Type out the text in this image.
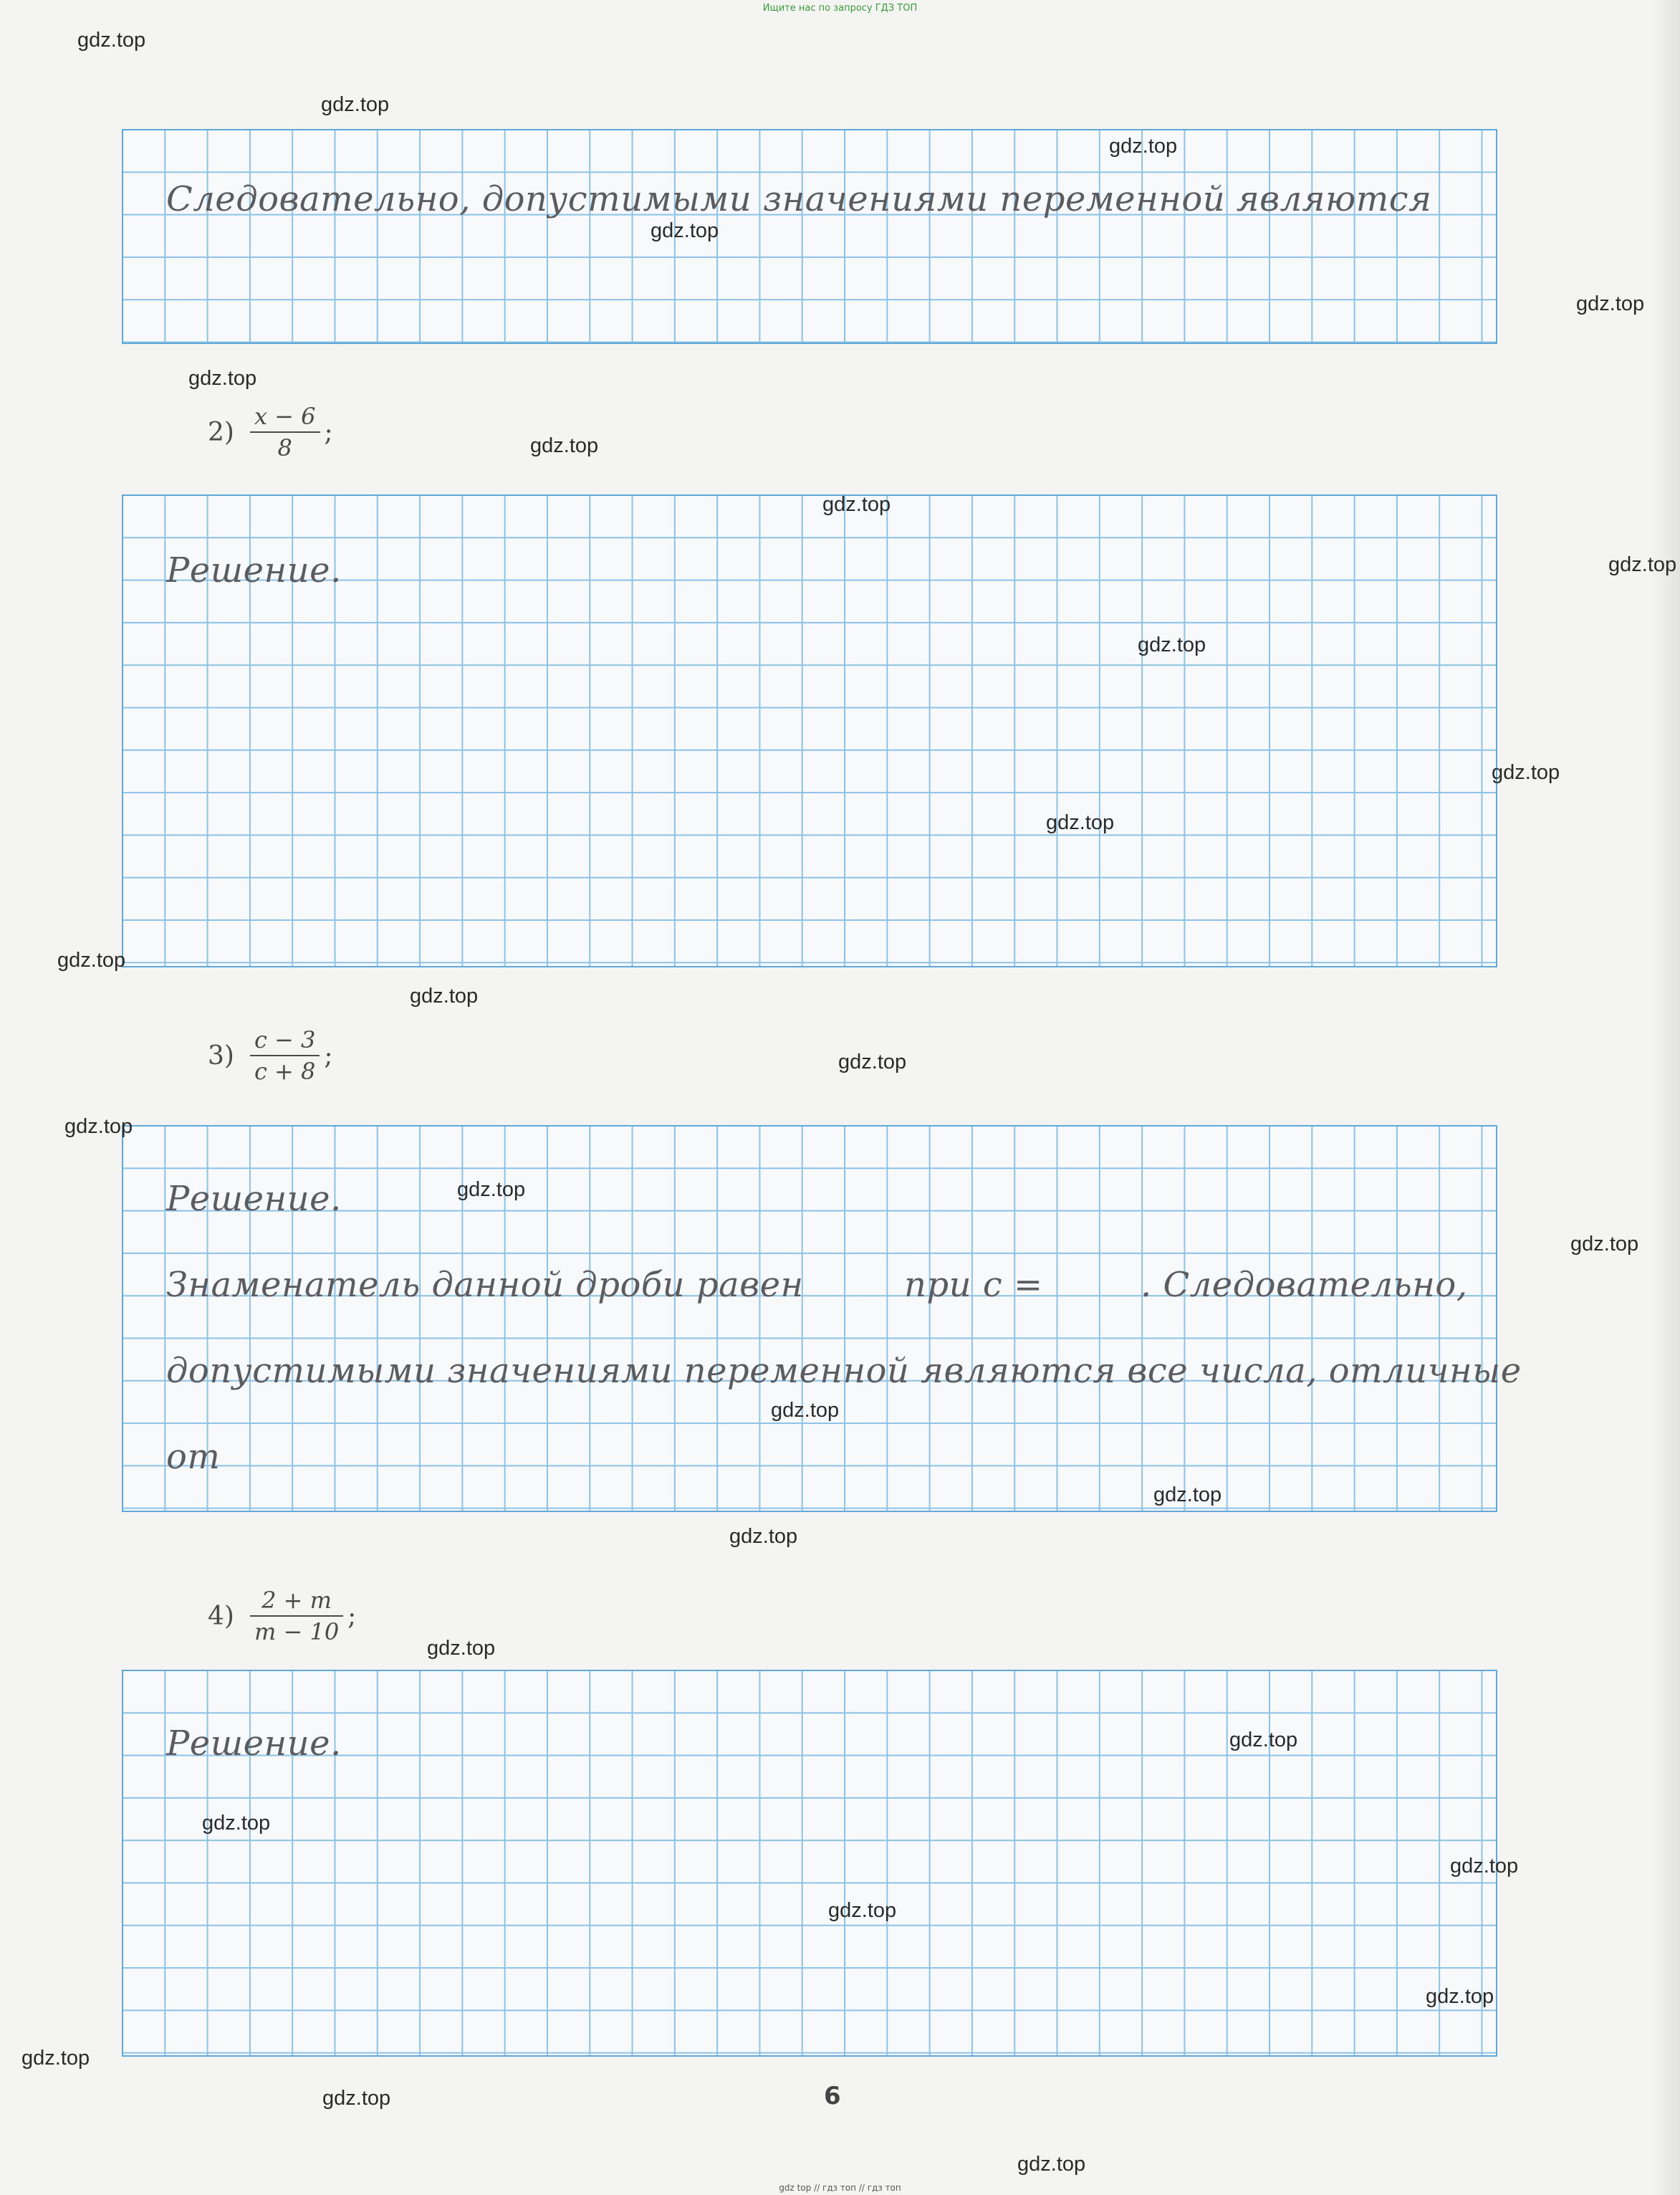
Ищите нас по запросу ГДЗ ТОП
Следовательно, допустимыми значениями переменной являются
$2) \frac{x - 6}{8}$ ;
Решение.
$3) \frac{c - 3}{c + 8}$ ;
Решение.
Знаменатель данной дроби равен	при с =	. Следовательно,
допустимыми значениями переменной являются все числа, отличные
от
$4) \frac{2 + m}{m - 10}$ ;
Решение.
6
gdz.top
gdz.top
gdz.top
gdz.top
gdz.top
gdz.top
gdz.top
gdz.top
gdz.top
gdz.top
gdz.top
gdz.top
gdz.top
gdz.top
gdz.top
gdz.top
gdz.top
gdz.top
gdz.top
gdz.top
gdz.top
gdz.top
gdz.top
gdz.top
gdz.top
gdz.top
gdz.top
gdz.top
gdz.top
gdz.top
gdz top // гдз топ // гдз топ
